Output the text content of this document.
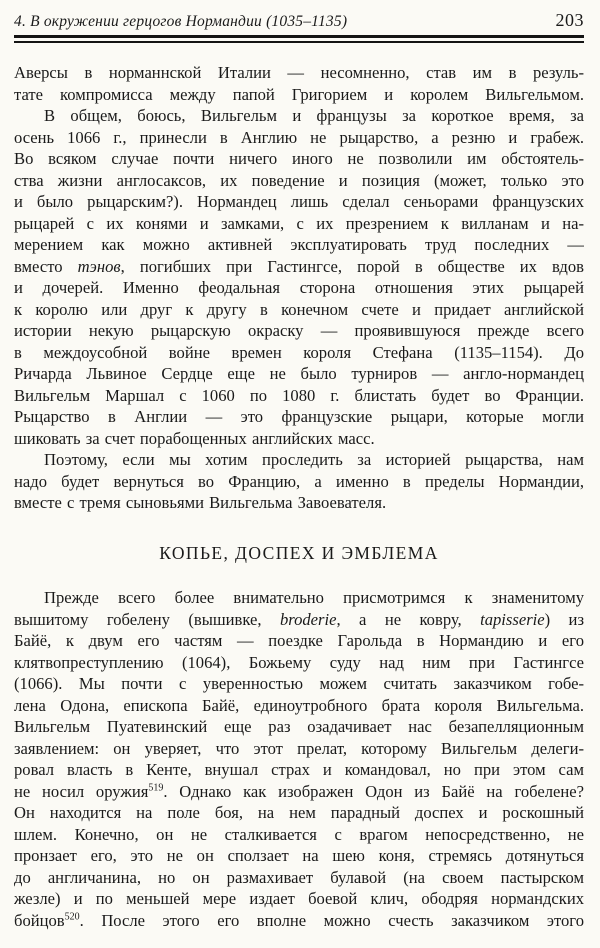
4. В окружении герцогов Нормандии (1035–1135)	203
Аверсы в норманнской Италии — несомненно, став им в резуль-
тате компромисса между папой Григорием и королем Вильгельмом.
В общем, боюсь, Вильгельм и французы за короткое время, за
осень 1066 г., принесли в Англию не рыцарство, а резню и грабеж.
Во всяком случае почти ничего иного не позволили им обстоятель-
ства жизни англосаксов, их поведение и позиция (может, только это
и было рыцарским?). Нормандец лишь сделал сеньорами французских
рыцарей с их конями и замками, с их презрением к вилланам и на-
мерением как можно активней эксплуатировать труд последних —
вместо тэнов, погибших при Гастингсе, порой в обществе их вдов
и дочерей. Именно феодальная сторона отношения этих рыцарей
к королю или друг к другу в конечном счете и придает английской
истории некую рыцарскую окраску — проявившуюся прежде всего
в междоусобной войне времен короля Стефана (1135–1154). До
Ричарда Львиное Сердце еще не было турниров — англо-нормандец
Вильгельм Маршал с 1060 по 1080 г. блистать будет во Франции.
Рыцарство в Англии — это французские рыцари, которые могли
шиковать за счет порабощенных английских масс.
Поэтому, если мы хотим проследить за историей рыцарства, нам
надо будет вернуться во Францию, а именно в пределы Нормандии,
вместе с тремя сыновьями Вильгельма Завоевателя.
КОПЬЕ, ДОСПЕХ И ЭМБЛЕМА
Прежде всего более внимательно присмотримся к знаменитому
вышитому гобелену (вышивке, broderie, а не ковру, tapisserie) из
Байё, к двум его частям — поездке Гарольда в Нормандию и его
клятвопреступлению (1064), Божьему суду над ним при Гастингсе
(1066). Мы почти с уверенностью можем считать заказчиком гобе-
лена Одона, епископа Байё, единоутробного брата короля Вильгельма.
Вильгельм Пуатевинский еще раз озадачивает нас безапелляционным
заявлением: он уверяет, что этот прелат, которому Вильгельм делеги-
ровал власть в Кенте, внушал страх и командовал, но при этом сам
не носил оружия$^{519}$. Однако как изображен Одон из Байё на гобелене?
Он находится на поле боя, на нем парадный доспех и роскошный
шлем. Конечно, он не сталкивается с врагом непосредственно, не
пронзает его, это не он сползает на шею коня, стремясь дотянуться
до англичанина, но он размахивает булавой (на своем пастырском
жезле) и по меньшей мере издает боевой клич, ободряя нормандских
бойцов$^{520}$. После этого его вполне можно счесть заказчиком этого
